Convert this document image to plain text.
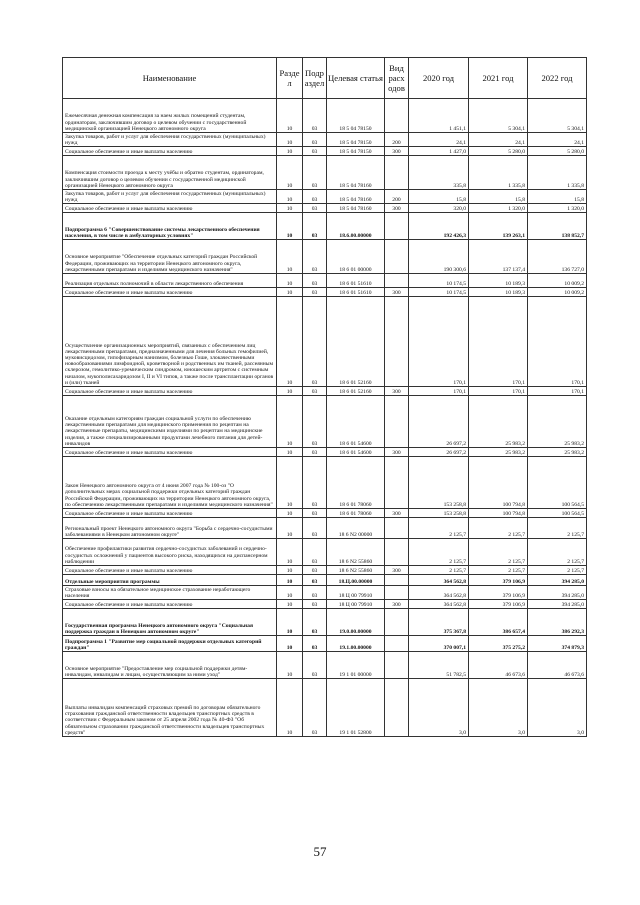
Наименование	Разде л	Подр аздел	Целевая статья	Вид расх одов	2020 год	2021 год	2022 год
Ежемесячная денежная компенсация за наем жилых помещений студентам, ординаторам, заключившим договор о целевом обучении с государственной медицинской организацией Ненецкого автономного округа	10	03	18 5 04 78150		1 451,1	5 304,1	5 304,1
Закупка товаров, работ и услуг для обеспечения государственных (муниципальных) нужд	10	03	18 5 04 78150	200	24,1	24,1	24,1
Социальное обеспечение и иные выплаты населению	10	03	18 5 04 78150	300	1 427,0	5 280,0	5 280,0
Компенсация стоимости проезда к месту учёбы и обратно студентам, ординаторам, заключившим договор о целевом обучении с государственной медицинской организацией Ненецкого автономного округа	10	03	18 5 04 78160		335,8	1 335,8	1 335,8
Закупка товаров, работ и услуг для обеспечения государственных (муниципальных) нужд	10	03	18 5 04 78160	200	15,8	15,8	15,8
Социальное обеспечение и иные выплаты населению	10	03	18 5 04 78160	300	320,0	1 320,0	1 320,0
Подпрограмма 6 "Совершенствование системы лекарственного обеспечения населения, в том числе в амбулаторных условиях"	10	03	18.6.00.00000		192 426,3	139 263,1	138 852,7
Основное мероприятие "Обеспечение отдельных категорий граждан Российской Федерации, проживающих на территории Ненецкого автономного округа, лекарственными препаратами и изделиями медицинского назначения"	10	03	18 6 01 00000		190 300,6	137 137,4	136 727,0
Реализация отдельных полномочий в области лекарственного обеспечения	10	03	18 6 01 51610		10 174,5	10 189,3	10 009,2
Социальное обеспечение и иные выплаты населению	10	03	18 6 01 51610	300	10 174,5	10 189,3	10 009,2
Осуществление организационных мероприятий, связанных с обеспечением лиц лекарственными препаратами, предназначенными для лечения больных гемофилией, муковисцидозом, гипофизарным нанизмом, болезнью Гоше, злокачественными новообразованиями лимфоидной, кроветворной и родственных им тканей, рассеянным склерозом, гемолитико-уремическим синдромом, юношеским артритом с системным началом, мукополисахаридозом I, II и VI типов, а также после трансплантации органов и (или) тканей	10	03	18 6 01 52160		170,1	170,1	170,1
Социальное обеспечение и иные выплаты населению	10	03	18 6 01 52160	300	170,1	170,1	170,1
Оказание отдельным категориям граждан социальной услуги по обеспечению лекарственными препаратами для медицинского применения по рецептам на лекарственные препараты, медицинскими изделиями по рецептам на медицинские изделия, а также специализированными продуктами лечебного питания для детей-инвалидов	10	03	18 6 01 54600		26 697,2	25 983,2	25 983,2
Социальное обеспечение и иные выплаты населению	10	03	18 6 01 54600	300	26 697,2	25 983,2	25 983,2
Закон Ненецкого автономного округа от 4 июня 2007 года № 100-оз "О дополнительных мерах социальной поддержки отдельных категорий граждан Российской Федерации, проживающих на территории Ненецкого автономного округа, по обеспечению лекарственными препаратами и изделиями медицинского назначения"	10	03	18 6 01 78060		153 258,8	100 794,8	100 564,5
Социальное обеспечение и иные выплаты населению	10	03	18 6 01 78060	300	153 258,8	100 794,8	100 564,5
Региональный проект Ненецкого автономного округа "Борьба с сердечно-сосудистыми заболеваниями в Ненецком автономном округе"	10	03	18 6 N2 00000		2 125,7	2 125,7	2 125,7
Обеспечение профилактики развития сердечно-сосудистых заболеваний и сердечно-сосудистых осложнений у пациентов высокого риска, находящихся на диспансерном наблюдении	10	03	18 6 N2 55860		2 125,7	2 125,7	2 125,7
Социальное обеспечение и иные выплаты населению	10	03	18 6 N2 55860	300	2 125,7	2 125,7	2 125,7
Отдельные мероприятия программы	10	03	18.Ц.00.00000		364 562,8	379 106,9	394 285,0
Страховые взносы на обязательное медицинское страхование неработающего населения	10	03	18 Ц 00 79910		364 562,8	379 106,9	394 285,0
Социальное обеспечение и иные выплаты населению	10	03	18 Ц 00 79910	300	364 562,8	379 106,9	394 285,0
Государственная программа Ненецкого автономного округа "Социальная поддержка граждан в Ненецком автономном округе"	10	03	19.0.00.00000		375 367,8	386 657,4	386 292,3
Подпрограмма 1 "Развитие мер социальной поддержки отдельных категорий граждан"	10	03	19.1.00.00000		370 007,1	375 275,2	374 879,3
Основное мероприятие "Предоставление мер социальной поддержки детям-инвалидам, инвалидам и лицам, осуществляющим за ними уход"	10	03	19 1 01 00000		51 782,5	46 673,6	46 673,6
Выплаты инвалидам компенсаций страховых премий по договорам обязательного страхования гражданской ответственности владельцев транспортных средств в соответствии с Федеральным законом от 25 апреля 2002 года № 40-ФЗ "Об обязательном страховании гражданской ответственности владельцев транспортных средств"	10	03	19 1 01 52800		3,0	3,0	3,0
57
